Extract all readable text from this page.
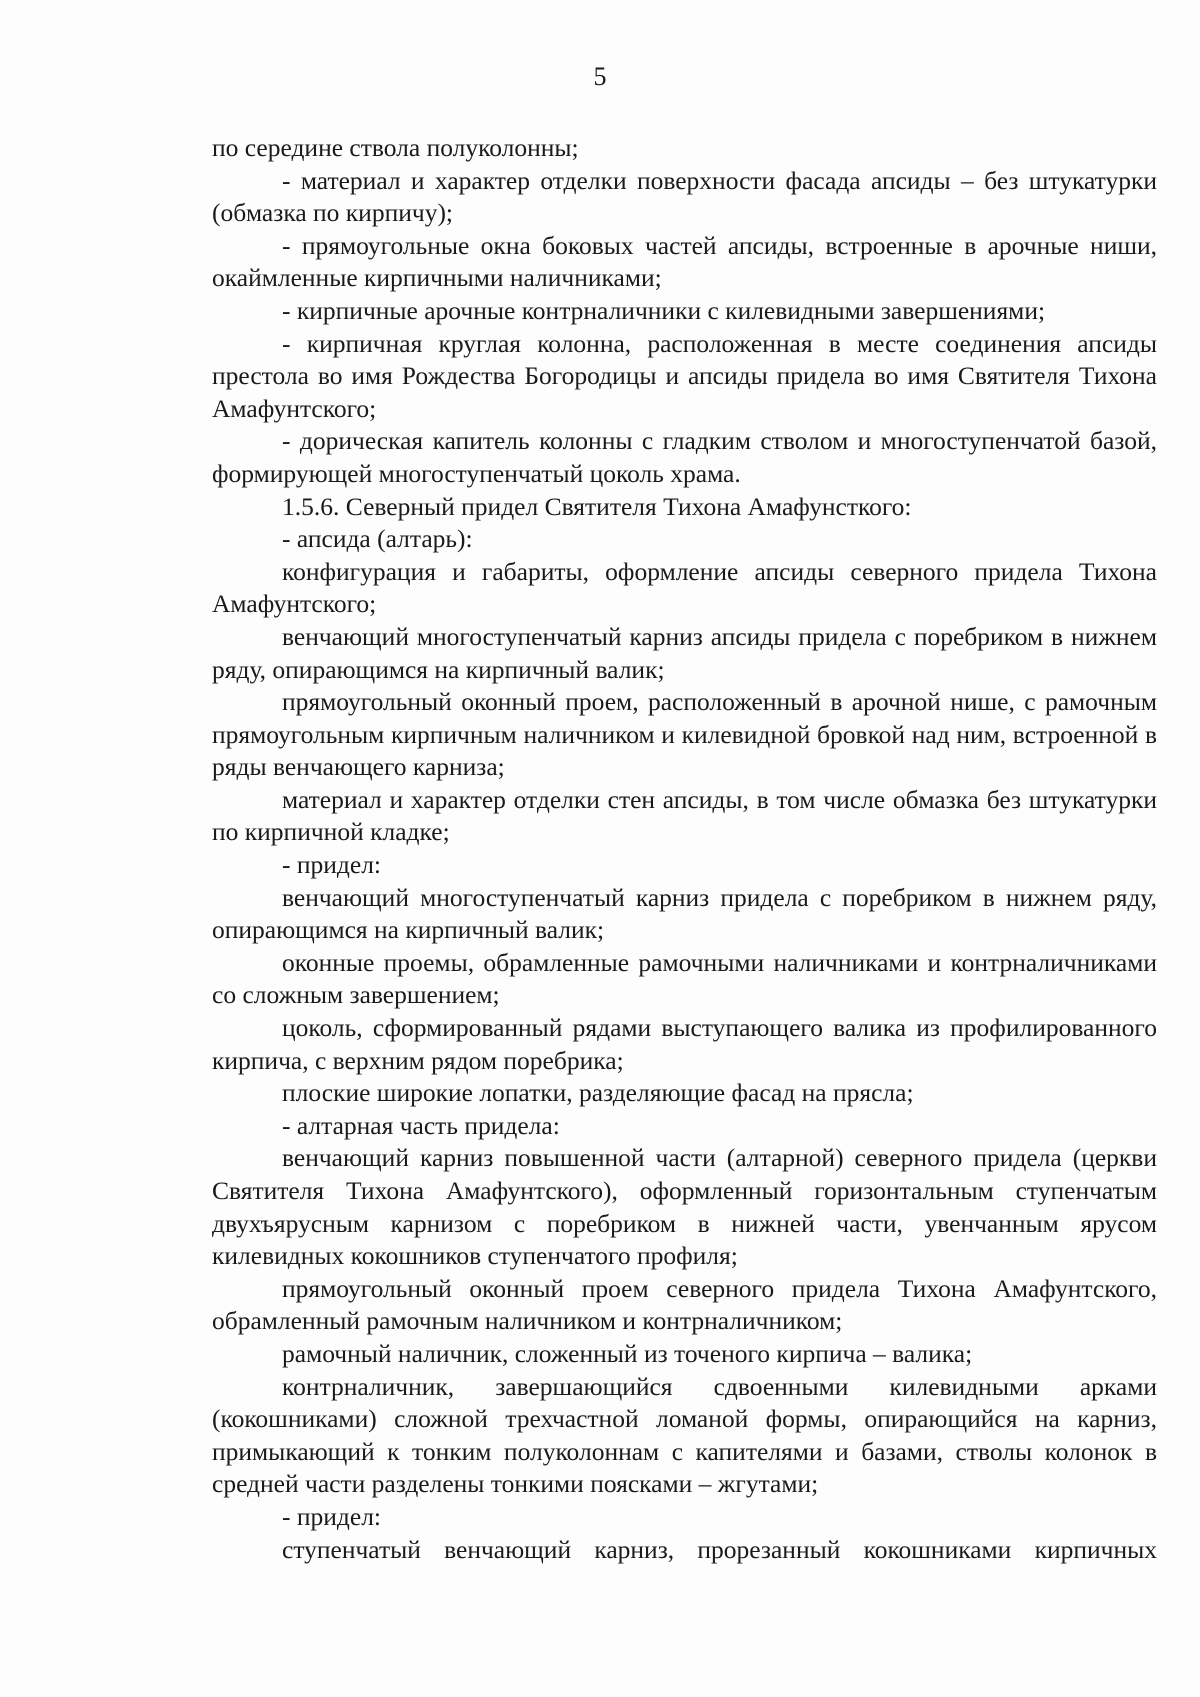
5

по середине ствола полуколонны;

- материал и характер отделки поверхности фасада апсиды – без штукатурки (обмазка по кирпичу);

- прямоугольные окна боковых частей апсиды, встроенные в арочные ниши, окаймленные кирпичными наличниками;

- кирпичные арочные контрналичники с килевидными завершениями;

- кирпичная круглая колонна, расположенная в месте соединения апсиды престола во имя Рождества Богородицы и апсиды придела во имя Святителя Тихона Амафунтского;

- дорическая капитель колонны с гладким стволом и многоступенчатой базой, формирующей многоступенчатый цоколь храма.

1.5.6. Северный придел Святителя Тихона Амафунсткого:

- апсида (алтарь):

конфигурация и габариты, оформление апсиды северного придела Тихона Амафунтского;

венчающий многоступенчатый карниз апсиды придела с поребриком в нижнем ряду, опирающимся на кирпичный валик;

прямоугольный оконный проем, расположенный в арочной нише, с рамочным прямоугольным кирпичным наличником и килевидной бровкой над ним, встроенной в ряды венчающего карниза;

материал и характер отделки стен апсиды, в том числе обмазка без штукатурки по кирпичной кладке;

- придел:

венчающий многоступенчатый карниз придела с поребриком в нижнем ряду, опирающимся на кирпичный валик;

оконные проемы, обрамленные рамочными наличниками и контрналичниками со сложным завершением;

цоколь, сформированный рядами выступающего валика из профилированного кирпича, с верхним рядом поребрика;

плоские широкие лопатки, разделяющие фасад на прясла;

- алтарная часть придела:

венчающий карниз повышенной части (алтарной) северного придела (церкви Святителя Тихона Амафунтского), оформленный горизонтальным ступенчатым двухъярусным карнизом с поребриком в нижней части, увенчанным ярусом килевидных кокошников ступенчатого профиля;

прямоугольный оконный проем северного придела Тихона Амафунтского, обрамленный рамочным наличником и контрналичником;

рамочный наличник, сложенный из точеного кирпича – валика;

контрналичник, завершающийся сдвоенными килевидными арками (кокошниками) сложной трехчастной ломаной формы, опирающийся на карниз, примыкающий к тонким полуколоннам с капителями и базами, стволы колонок в средней части разделены тонкими поясками – жгутами;

- придел:

ступенчатый венчающий карниз, прорезанный кокошниками кирпичных
